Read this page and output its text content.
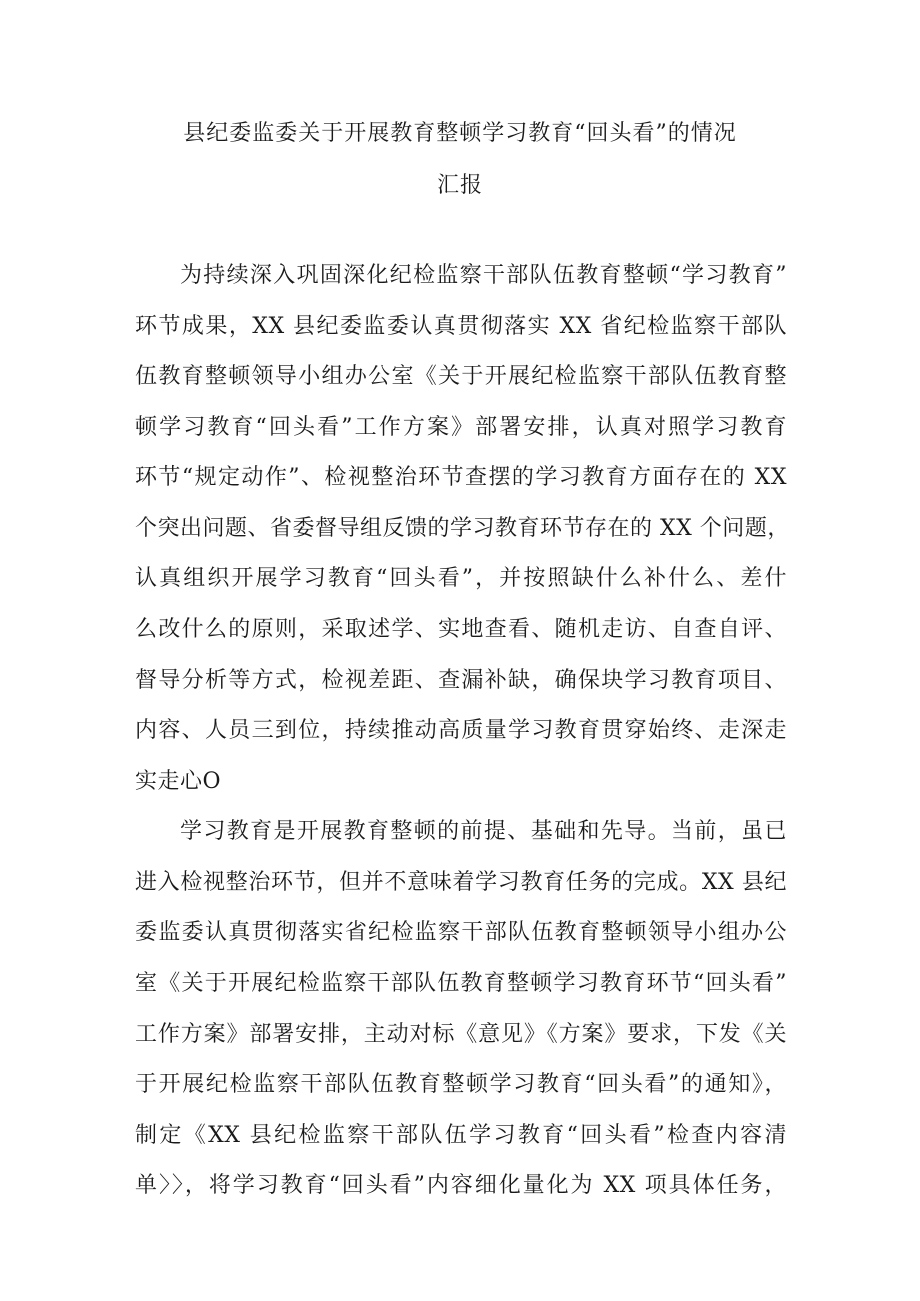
县纪委监委关于开展教育整顿学习教育“回头看”的情况
汇报
为持续深入巩固深化纪检监察干部队伍教育整顿“学习教育”
环节成果，XX 县纪委监委认真贯彻落实 XX 省纪检监察干部队
伍教育整顿领导小组办公室《关于开展纪检监察干部队伍教育整
顿学习教育“回头看”工作方案》部署安排，认真对照学习教育
环节“规定动作”、检视整治环节查摆的学习教育方面存在的 XX
个突出问题、省委督导组反馈的学习教育环节存在的 XX 个问题，
认真组织开展学习教育“回头看”，并按照缺什么补什么、差什
么改什么的原则，采取述学、实地查看、随机走访、自查自评、
督导分析等方式，检视差距、查漏补缺，确保块学习教育项目、
内容、人员三到位，持续推动高质量学习教育贯穿始终、走深走
实走心O
学习教育是开展教育整顿的前提、基础和先导。当前，虽已
进入检视整治环节，但并不意味着学习教育任务的完成。XX 县纪
委监委认真贯彻落实省纪检监察干部队伍教育整顿领导小组办公
室《关于开展纪检监察干部队伍教育整顿学习教育环节“回头看”
工作方案》部署安排，主动对标《意见》《方案》要求，下发《关
于开展纪检监察干部队伍教育整顿学习教育“回头看”的通知》，
制定《XX 县纪检监察干部队伍学习教育“回头看”检查内容清
单〉〉，将学习教育“回头看”内容细化量化为 XX 项具体任务，
